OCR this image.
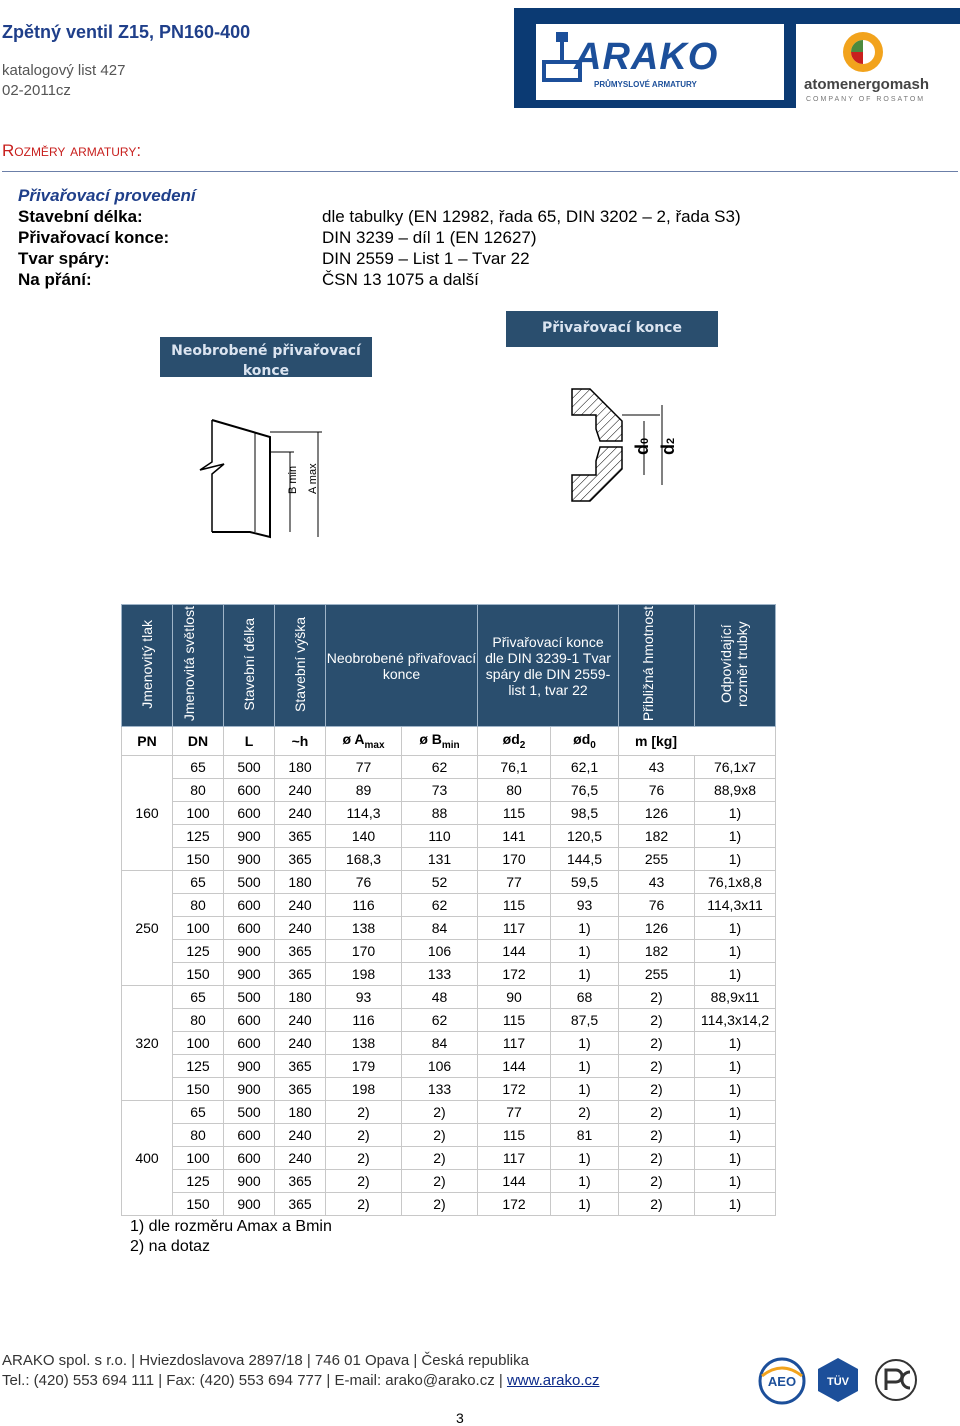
Zpětný ventil Z15, PN160-400
katalogový list 427
02-2011cz
ARAKO
PRŮMYSLOVÉ ARMATURY	atomenergomash
COMPANY OF ROSATOM
Rozměry armatury:
Přivařovací provedení
Stavební délka:	dle tabulky (EN 12982, řada 65, DIN 3202 – 2, řada S3)
Přivařovací konce:	DIN 3239 – díl 1 (EN 12627)
Tvar spáry:	DIN 2559 – List 1 – Tvar 22
Na přání:	ČSN 13 1075 a další
Neobrobené přivařovací konce
Přivařovací konce
B min A max
d0
d2
Jmenovitý tlak	Jmenovitá světlost	Stavební délka	Stavební výška	Neobrobené přivařovací konce		Přivařovací konce dle DIN 3239-1 Tvar spáry dle DIN 2559-list 1, tvar 22		Přibližná hmotnost	Odpovídající rozměr trubky
PN	DN	L	~h	ø $A_{max}$	ø $B_{min}$	$ød_2$	$ød_0$	m [kg]	
160	65	500	180	77	62	76,1	62,1	43	76,1x7
	80	600	240	89	73	80	76,5	76	88,9x8
	100	600	240	114,3	88	115	98,5	126	1)
	125	900	365	140	110	141	120,5	182	1)
	150	900	365	168,3	131	170	144,5	255	1)
250	65	500	180	76	52	77	59,5	43	76,1x8,8
	80	600	240	116	62	115	93	76	114,3x11
	100	600	240	138	84	117	1)	126	1)
	125	900	365	170	106	144	1)	182	1)
	150	900	365	198	133	172	1)	255	1)
320	65	500	180	93	48	90	68	2)	88,9x11
	80	600	240	116	62	115	87,5	2)	114,3x14,2
	100	600	240	138	84	117	1)	2)	1)
	125	900	365	179	106	144	1)	2)	1)
	150	900	365	198	133	172	1)	2)	1)
400	65	500	180	2)	2)	77	2)	2)	1)
	80	600	240	2)	2)	115	81	2)	1)
	100	600	240	2)	2)	117	1)	2)	1)
	125	900	365	2)	2)	144	1)	2)	1)
	150	900	365	2)	2)	172	1)	2)	1)
1) dle rozměru Amax a Bmin
2) na dotaz
ARAKO spol. s r.o. | Hviezdoslavova 2897/18 | 746 01 Opava | Česká republika
Tel.: (420) 553 694 111 | Fax: (420) 553 694 777 | E-mail: arako@arako.cz | www.arako.cz	AEO	TÜV
3
